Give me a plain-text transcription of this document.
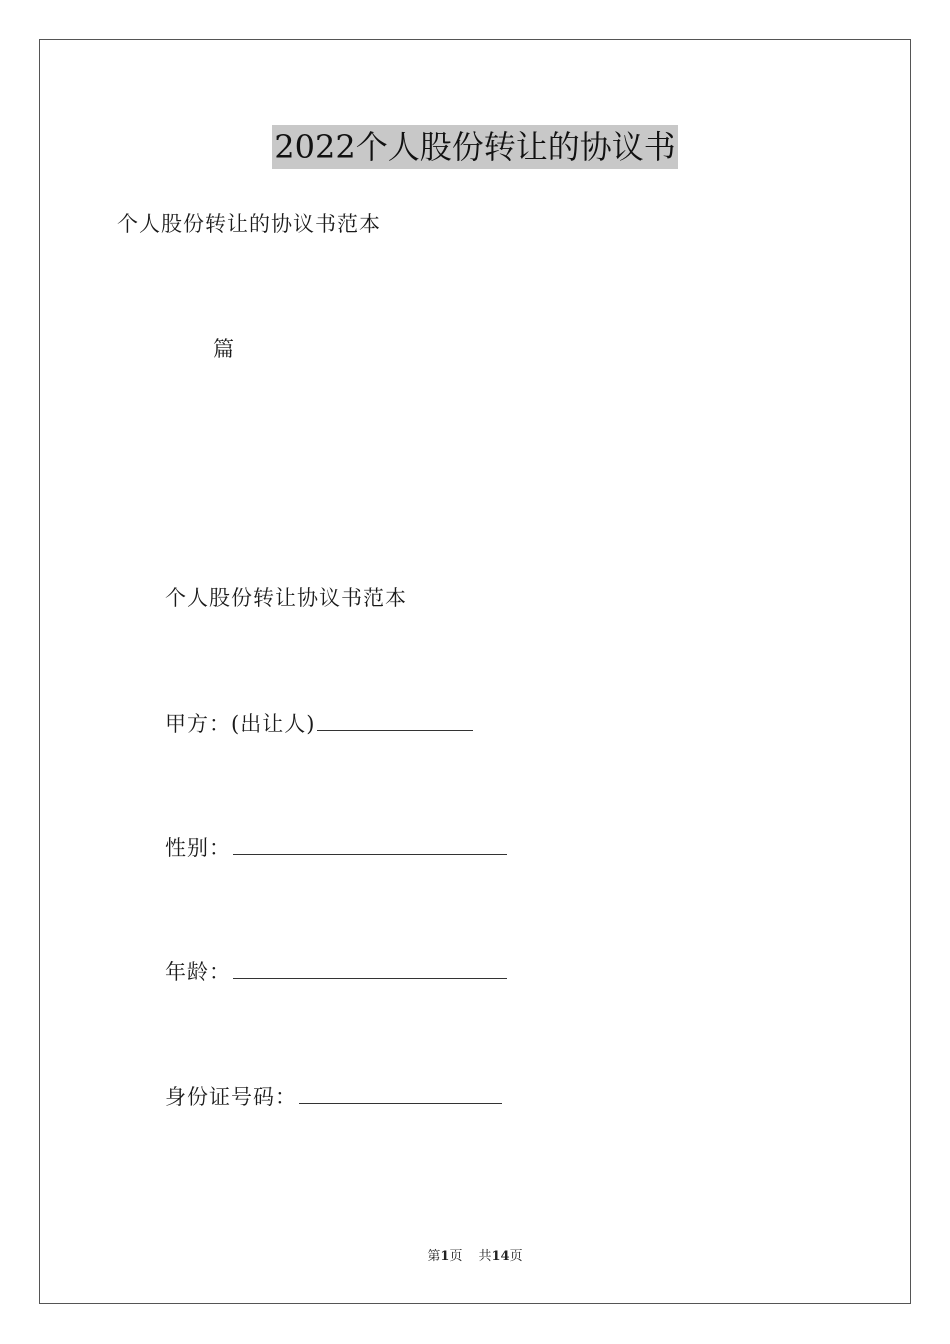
2022个人股份转让的协议书
个人股份转让的协议书范本
篇
个人股份转让协议书范本
甲方：(出让人)
性别：
年龄：
身份证号码：
第1页 共14页
